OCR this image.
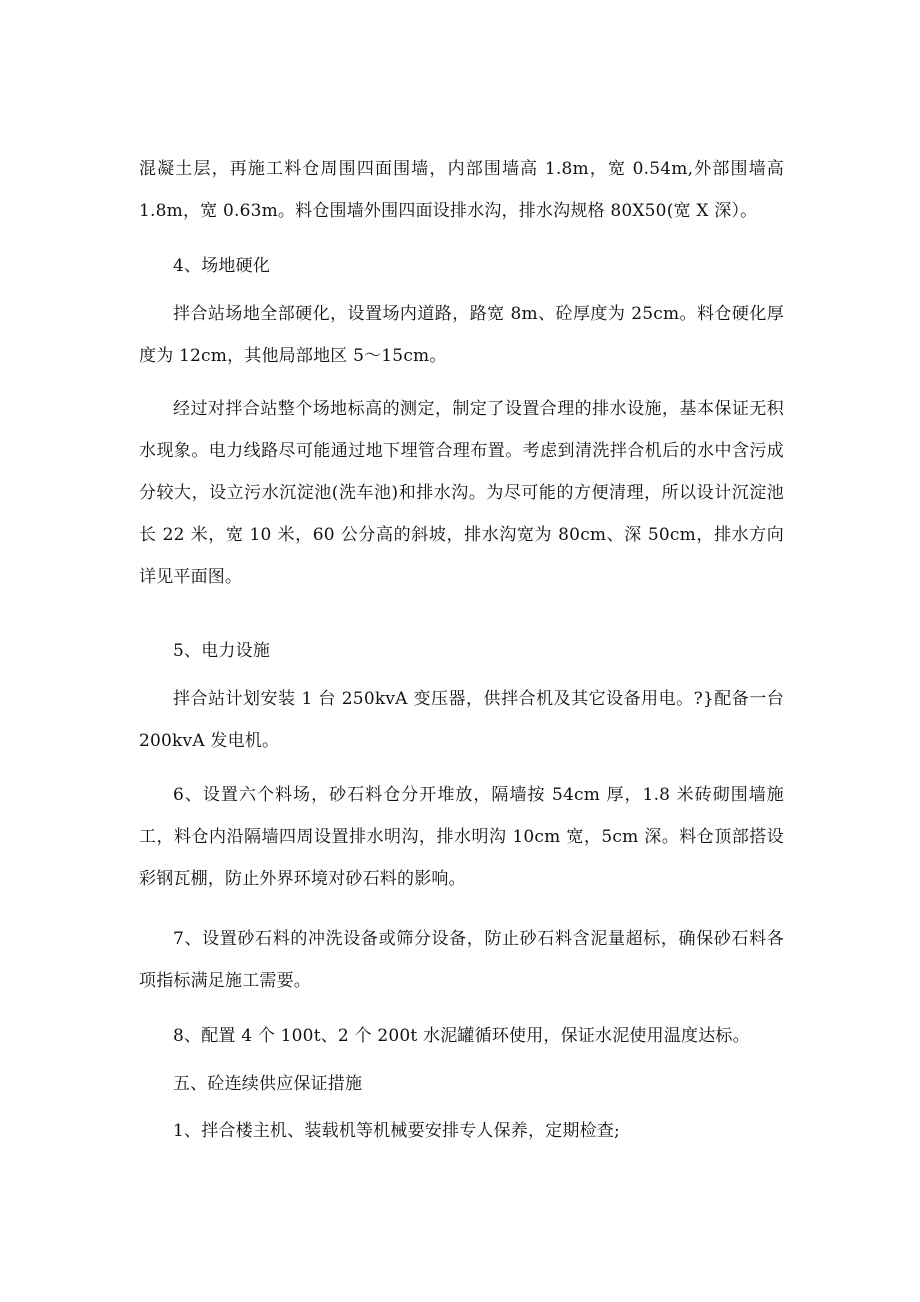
混凝土层，再施工料仓周围四面围墙，内部围墙高 1.8m，宽 0.54m,外部围墙高 1.8m，宽 0.63m。料仓围墙外围四面设排水沟，排水沟规格 80X50(宽 X 深）。

4、场地硬化

拌合站场地全部硬化，设置场内道路，路宽 8m、砼厚度为 25cm。料仓硬化厚度为 12cm，其他局部地区 5～15cm。

经过对拌合站整个场地标高的测定，制定了设置合理的排水设施，基本保证无积水现象。电力线路尽可能通过地下埋管合理布置。考虑到清洗拌合机后的水中含污成分较大，设立污水沉淀池(洗车池)和排水沟。为尽可能的方便清理，所以设计沉淀池长 22 米，宽 10 米，60 公分高的斜坡，排水沟宽为 80cm、深 50cm，排水方向详见平面图。

5、电力设施

拌合站计划安装 1 台 250kvA 变压器，供拌合机及其它设备用电。?}配备一台 200kvA 发电机。

6、设置六个料场，砂石料仓分开堆放，隔墙按 54cm 厚，1.8 米砖砌围墙施工，料仓内沿隔墙四周设置排水明沟，排水明沟 10cm 宽，5cm 深。料仓顶部搭设彩钢瓦棚，防止外界环境对砂石料的影响。

7、设置砂石料的冲洗设备或筛分设备，防止砂石料含泥量超标，确保砂石料各项指标满足施工需要。

8、配置 4 个 100t、2 个 200t 水泥罐循环使用，保证水泥使用温度达标。

五、砼连续供应保证措施

1、拌合楼主机、装载机等机械要安排专人保养，定期检查;
